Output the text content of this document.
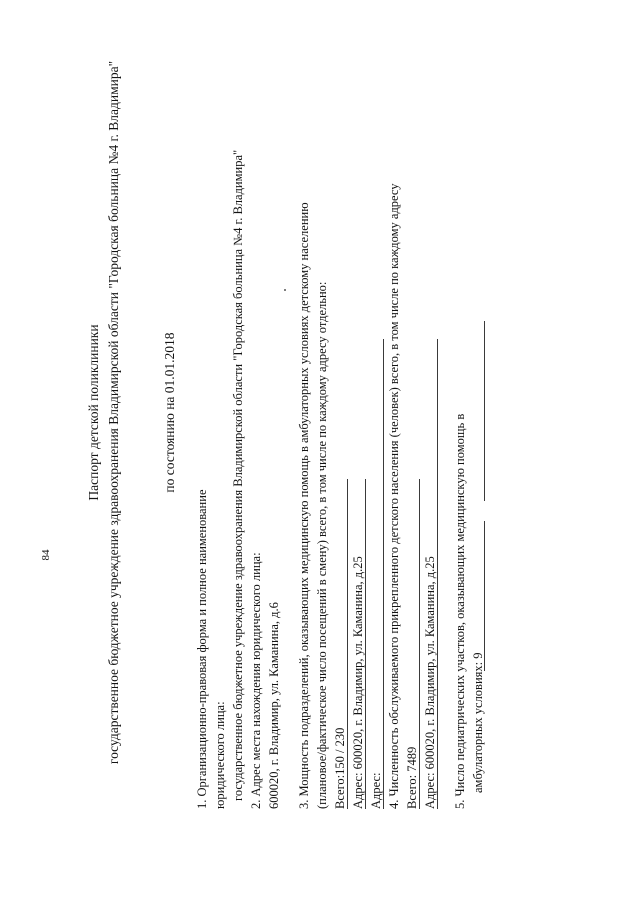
84
Паспорт детской поликлиники государственное бюджетное учреждение здравоохранения Владимирской области "Городская больница №4 г. Владимира"	по состоянию на 01.01.2018
1. Организационно-правовая форма и полное наименование юридического лица: государственное бюджетное учреждение здравоохранения Владимирской области "Городская больница №4 г. Владимира" 2. Адрес места нахождения юридического лица: 600020, г. Владимир, ул. Каманина, д.6 3. Мощность подразделений, оказывающих медицинскую помощь в амбулаторных условиях детскому населению (плановое/фактическое число посещений в смену) всего, в том числе по каждому адресу отдельно: Всего:150 / 230 Адрес: 600020, г. Владимир, ул. Каманина, д.25 Адрес: 4. Численность обслуживаемого прикрепленного детского населения (человек) всего, в том числе по каждому адресу Всего: 7489 Адрес: 600020, г. Владимир, ул. Каманина, д.25 5. Число педиатрических участков, оказывающих медицинскую помощь в амбулаторных условиях: 9
